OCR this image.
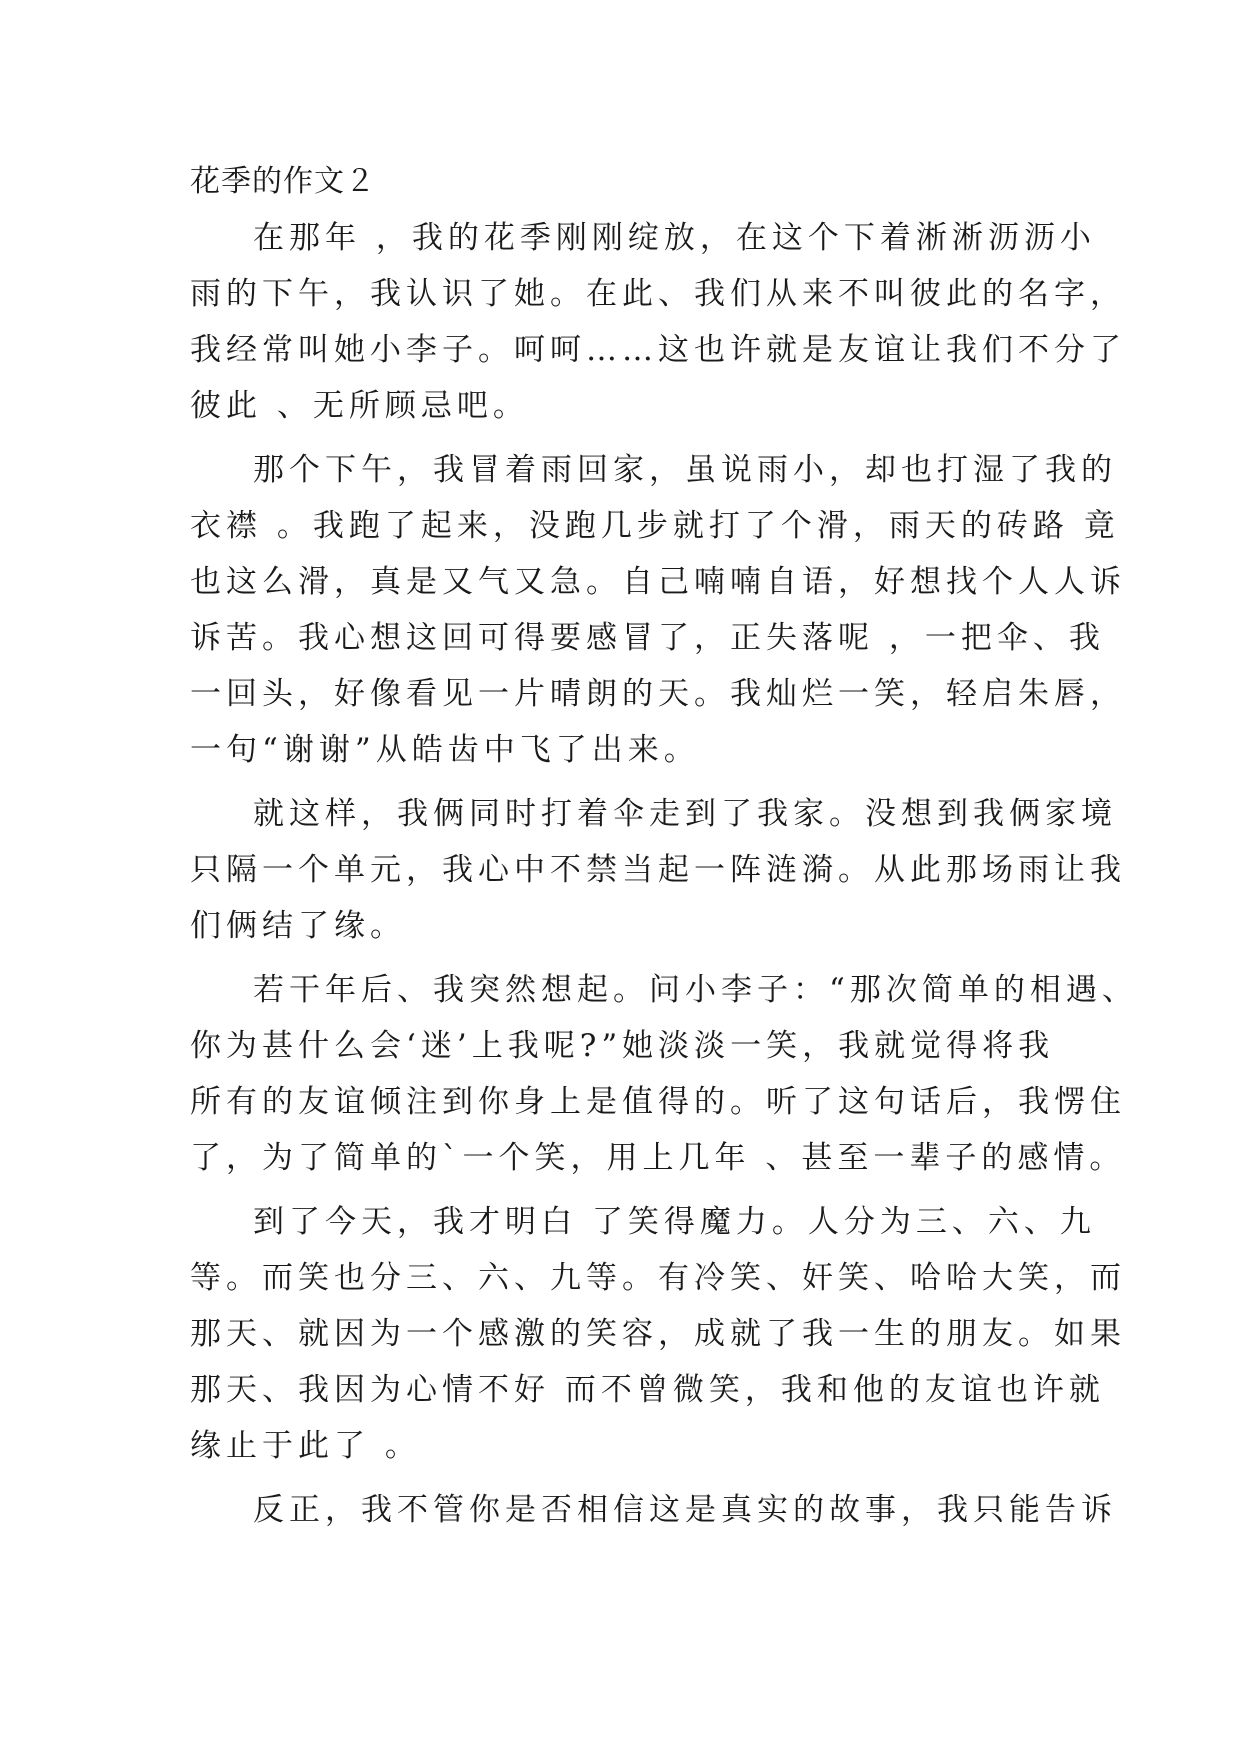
花季的作文２
在那年 ，我的花季刚刚绽放，在这个下着淅淅沥沥小
雨的下午，我认识了她。在此、我们从来不叫彼此的名字，
我经常叫她小李子。呵呵……这也许就是友谊让我们不分了
彼此 、无所顾忌吧。
那个下午，我冒着雨回家，虽说雨小，却也打湿了我的
衣襟 。我跑了起来，没跑几步就打了个滑，雨天的砖路 竟
也这么滑，真是又气又急。自己喃喃自语，好想找个人人诉
诉苦。我心想这回可得要感冒了，正失落呢 ，一把伞、我
一回头，好像看见一片晴朗的天。我灿烂一笑，轻启朱唇，
一句“谢谢”从皓齿中飞了出来。
就这样，我俩同时打着伞走到了我家。没想到我俩家境
只隔一个单元，我心中不禁当起一阵涟漪。从此那场雨让我
们俩结了缘。
若干年后、我突然想起。问小李子：“那次简单的相遇、
你为甚什么会‘迷’上我呢?”她淡淡一笑，我就觉得将我
所有的友谊倾注到你身上是值得的。听了这句话后，我愣住
了，为了简单的`一个笑，用上几年 、甚至一辈子的感情。
到了今天，我才明白 了笑得魔力。人分为三、六、九
等。而笑也分三、六、九等。有冷笑、奸笑、哈哈大笑，而
那天、就因为一个感激的笑容，成就了我一生的朋友。如果
那天、我因为心情不好 而不曾微笑，我和他的友谊也许就
缘止于此了 。
反正，我不管你是否相信这是真实的故事，我只能告诉
